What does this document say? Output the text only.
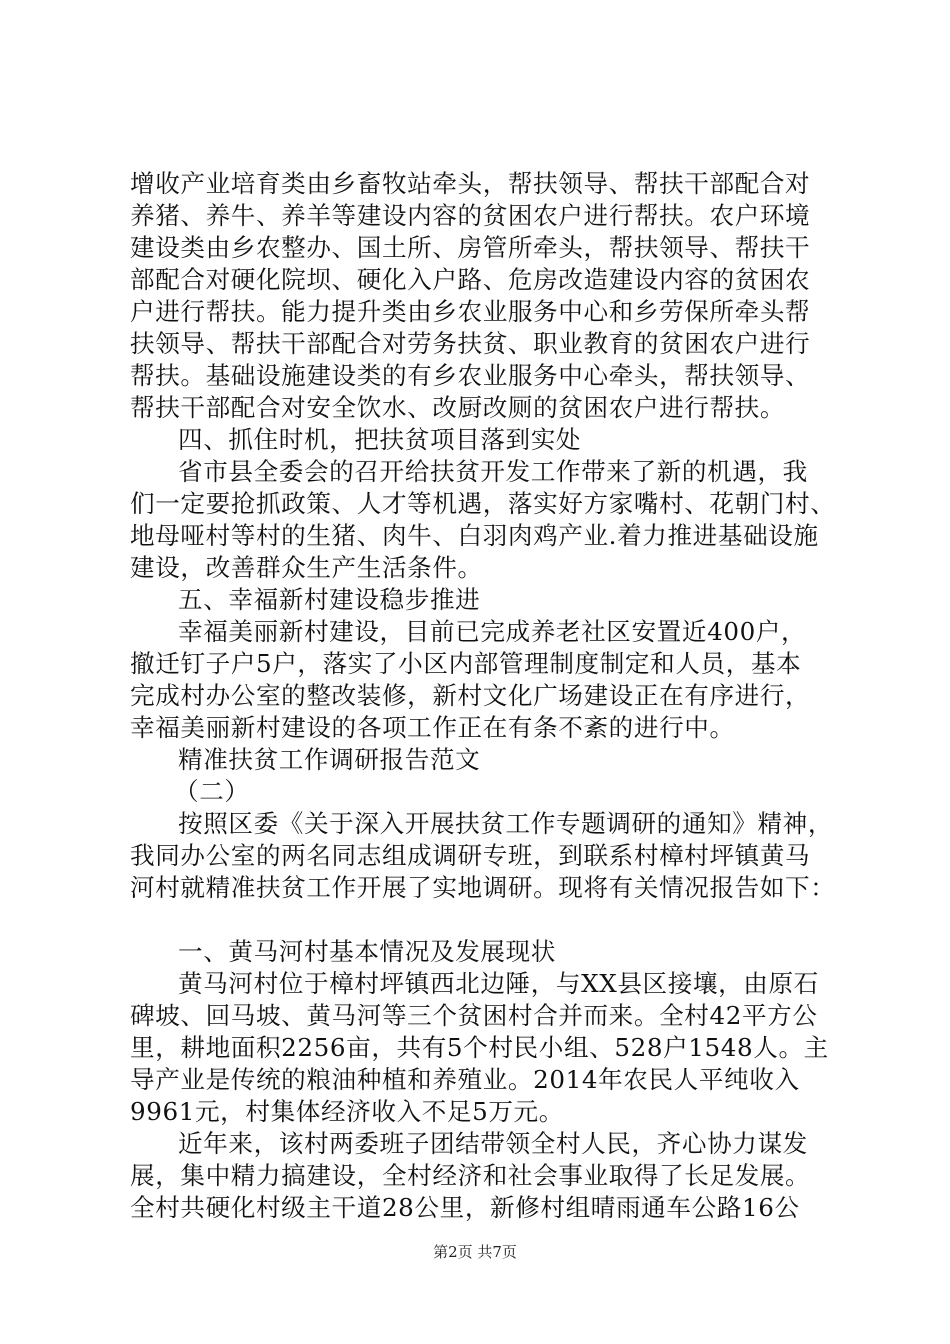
增收产业培育类由乡畜牧站牵头，帮扶领导、帮扶干部配合对
养猪、养牛、养羊等建设内容的贫困农户进行帮扶。农户环境
建设类由乡农整办、国土所、房管所牵头，帮扶领导、帮扶干
部配合对硬化院坝、硬化入户路、危房改造建设内容的贫困农
户进行帮扶。能力提升类由乡农业服务中心和乡劳保所牵头帮
扶领导、帮扶干部配合对劳务扶贫、职业教育的贫困农户进行
帮扶。基础设施建设类的有乡农业服务中心牵头，帮扶领导、
帮扶干部配合对安全饮水、改厨改厕的贫困农户进行帮扶。
四、抓住时机，把扶贫项目落到实处
省市县全委会的召开给扶贫开发工作带来了新的机遇，我
们一定要抢抓政策、人才等机遇，落实好方家嘴村、花朝门村、
地母哑村等村的生猪、肉牛、白羽肉鸡产业.着力推进基础设施
建设，改善群众生产生活条件。
五、幸福新村建设稳步推进
幸福美丽新村建设，目前已完成养老社区安置近400户，
撤迁钉子户5户，落实了小区内部管理制度制定和人员，基本
完成村办公室的整改装修，新村文化广场建设正在有序进行，
幸福美丽新村建设的各项工作正在有条不紊的进行中。
精准扶贫工作调研报告范文
（二）
按照区委《关于深入开展扶贫工作专题调研的通知》精神，
我同办公室的两名同志组成调研专班，到联系村樟村坪镇黄马
河村就精准扶贫工作开展了实地调研。现将有关情况报告如下：
一、黄马河村基本情况及发展现状
黄马河村位于樟村坪镇西北边陲，与XX县区接壤，由原石
碑坡、回马坡、黄马河等三个贫困村合并而来。全村42平方公
里，耕地面积2256亩，共有5个村民小组、528户1548人。主
导产业是传统的粮油种植和养殖业。2014年农民人平纯收入
9961元，村集体经济收入不足5万元。
近年来，该村两委班子团结带领全村人民，齐心协力谋发
展，集中精力搞建设，全村经济和社会事业取得了长足发展。
全村共硬化村级主干道28公里，新修村组晴雨通车公路16公
第2页 共7页
